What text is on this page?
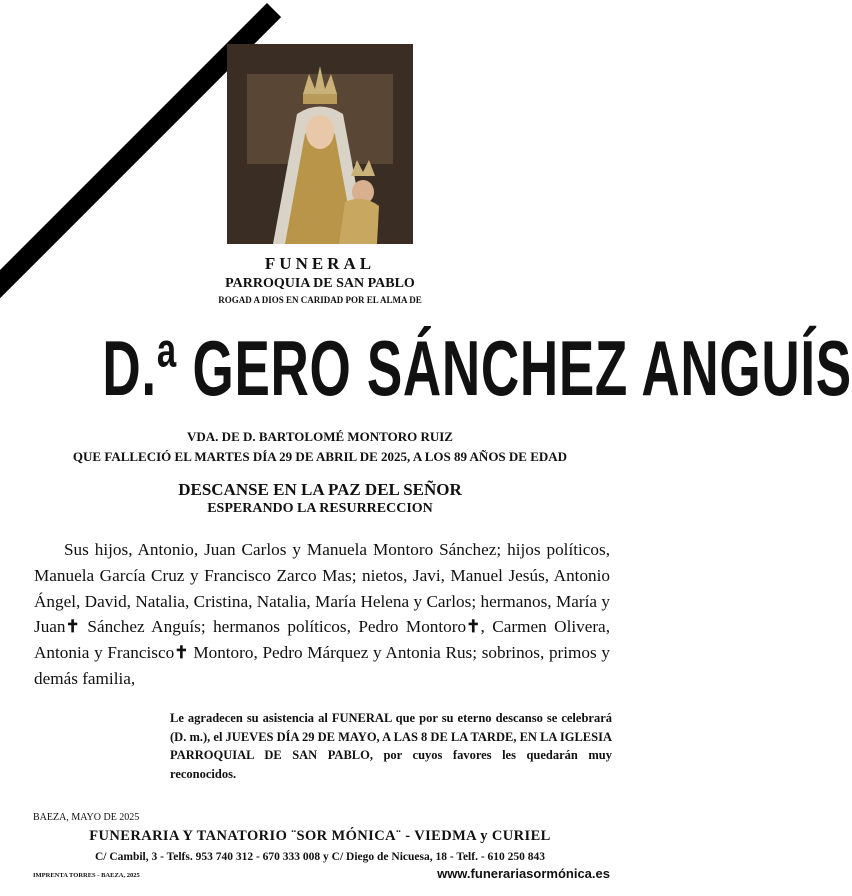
FUNERAL
PARROQUIA DE SAN PABLO
ROGAD A DIOS EN CARIDAD POR EL ALMA DE
D.ª GERO SÁNCHEZ ANGUÍS
VDA. DE D. BARTOLOMÉ MONTORO RUIZ
QUE FALLECIÓ EL MARTES DÍA 29 DE ABRIL DE 2025, A LOS 89 AÑOS DE EDAD
DESCANSE EN LA PAZ DEL SEÑOR
ESPERANDO LA RESURRECCION
Sus hijos, Antonio, Juan Carlos y Manuela Montoro Sánchez; hijos políticos, Manuela García Cruz y Francisco Zarco Mas; nietos, Javi, Manuel Jesús, Antonio Ángel, David, Natalia, Cristina, Natalia, María Helena y Carlos; hermanos, María y Juan✝ Sánchez Anguís; hermanos políticos, Pedro Montoro✝, Carmen Olivera, Antonia y Francisco✝ Montoro, Pedro Márquez y Antonia Rus; sobrinos, primos y demás familia,
Le agradecen su asistencia al FUNERAL que por su eterno descanso se celebrará (D. m.), el JUEVES DÍA 29 DE MAYO, A LAS 8 DE LA TARDE, EN LA IGLESIA PARROQUIAL DE SAN PABLO, por cuyos favores les quedarán muy reconocidos.
BAEZA, MAYO DE 2025
FUNERARIA Y TANATORIO ¨SOR MÓNICA¨ - VIEDMA y CURIEL
C/ Cambil, 3 - Telfs. 953 740 312 - 670 333 008 y C/ Diego de Nicuesa, 18 - Telf. - 610 250 843
IMPRENTA TORRES - BAEZA, 2025	www.funerariasormónica.es
